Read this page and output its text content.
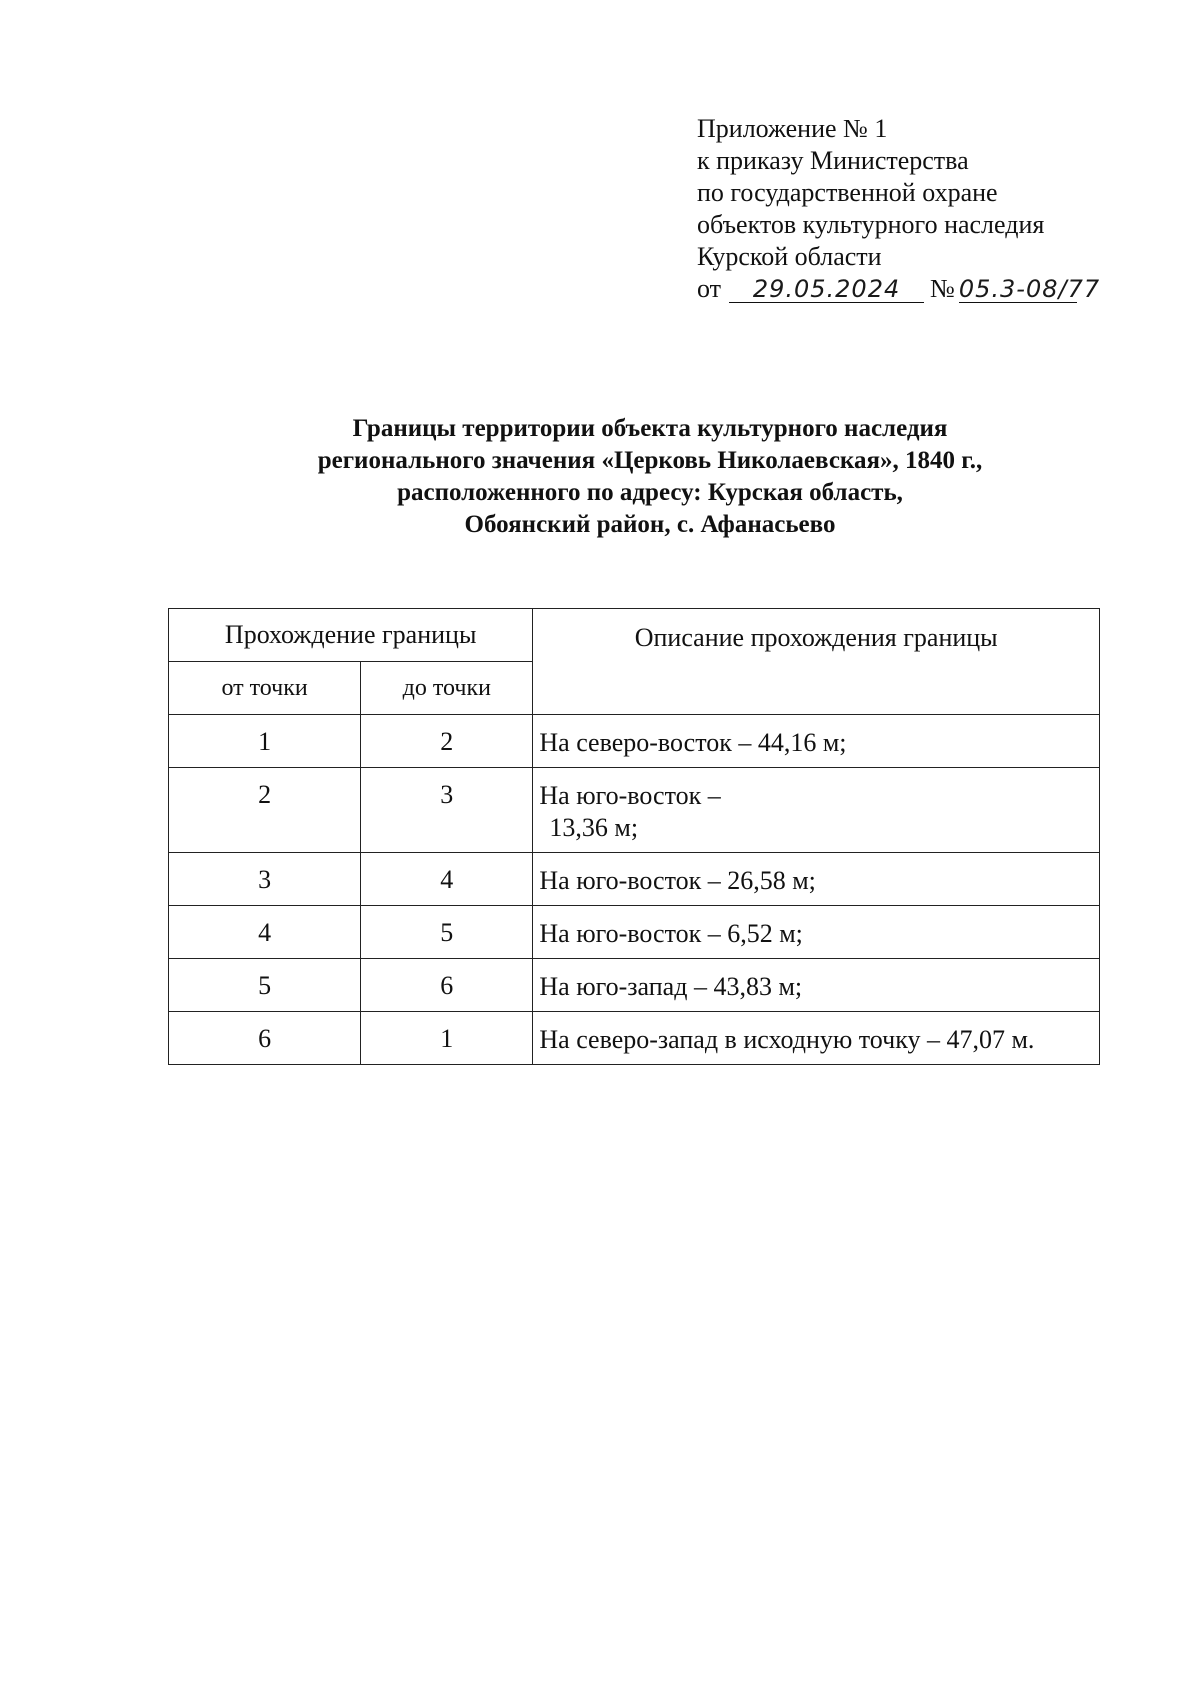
Приложение № 1
к приказу Министерства
по государственной охране
объектов культурного наследия
Курской области
от 29.05.2024 № 05.3-08/77
Границы территории объекта культурного наследия
регионального значения «Церковь Николаевская», 1840 г.,
расположенного по адресу: Курская область,
Обоянский район, с. Афанасьево
Прохождение границы		Описание прохождения границы
от точки	до точки	
1	2	На северо-восток – 44,16 м;
2	3	На юго-восток –
13,36 м;
3	4	На юго-восток – 26,58 м;
4	5	На юго-восток – 6,52 м;
5	6	На юго-запад – 43,83 м;
6	1	На северо-запад в исходную точку – 47,07 м.
